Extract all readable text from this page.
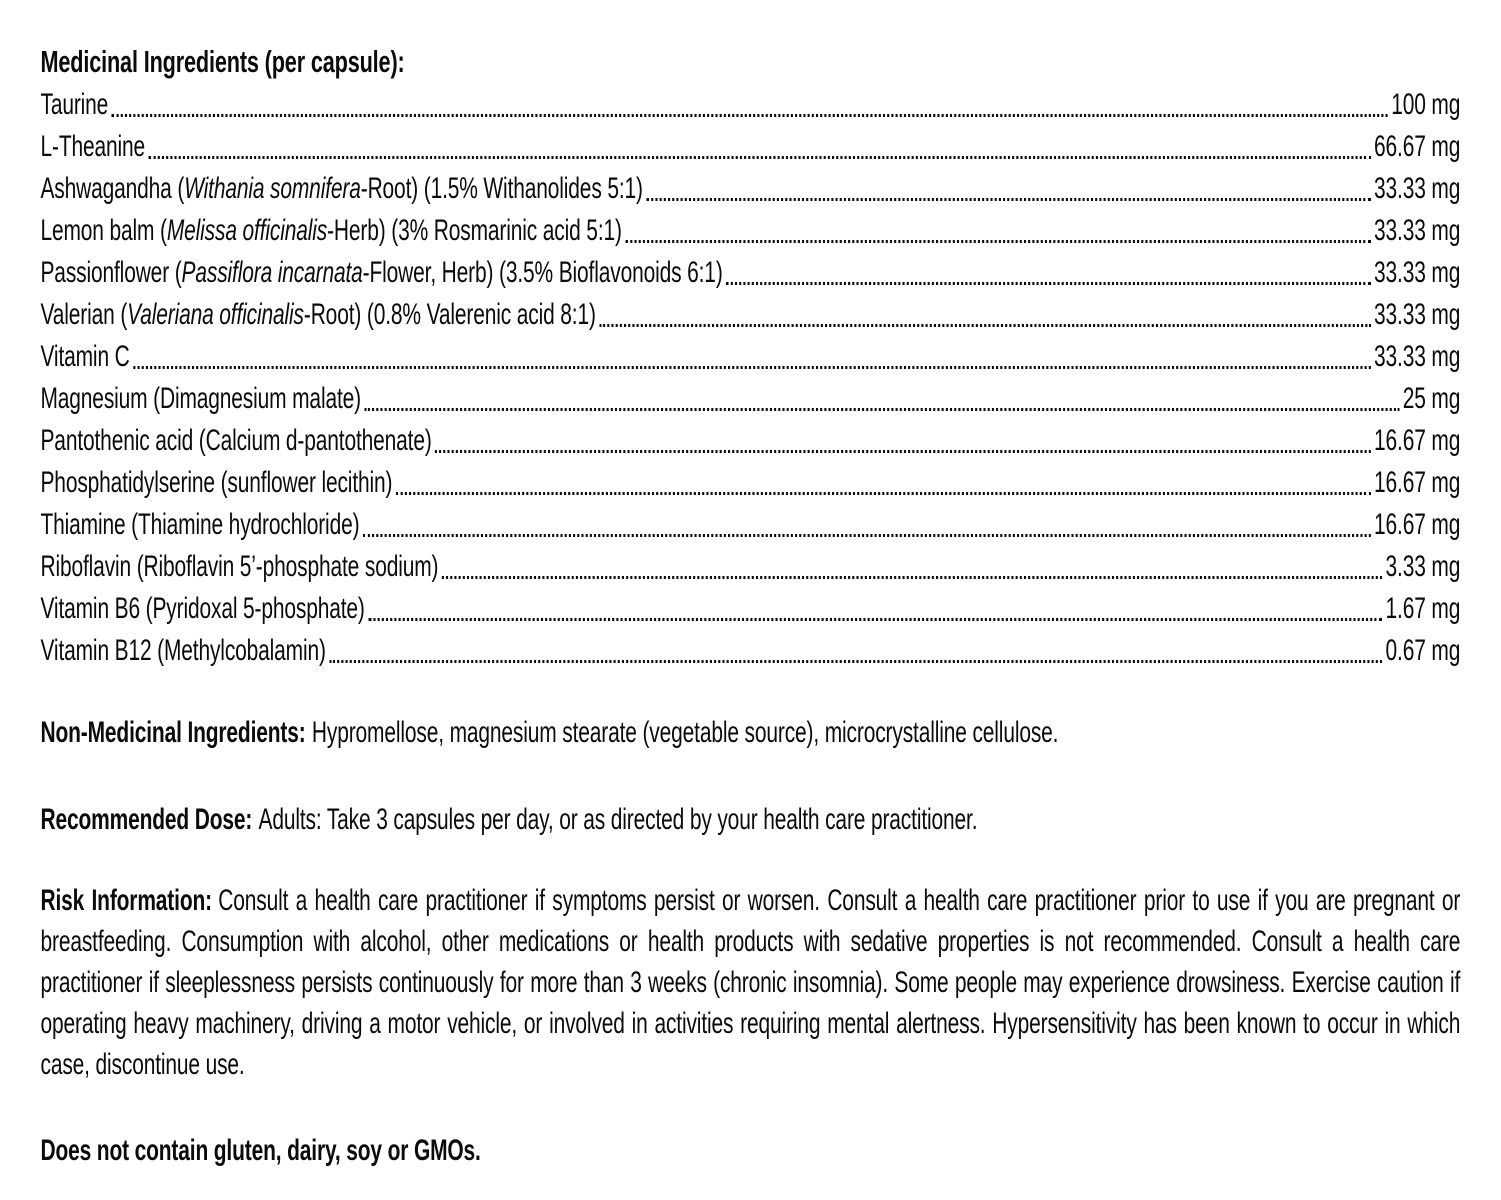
Medicinal Ingredients (per capsule):
Taurine	100 mg
L-Theanine	66.67 mg
Ashwagandha (Withania somnifera-Root) (1.5% Withanolides 5:1)	33.33 mg
Lemon balm (Melissa officinalis-Herb) (3% Rosmarinic acid 5:1)	33.33 mg
Passionflower (Passiflora incarnata-Flower, Herb) (3.5% Bioflavonoids 6:1)	33.33 mg
Valerian (Valeriana officinalis-Root) (0.8% Valerenic acid 8:1)	33.33 mg
Vitamin C	33.33 mg
Magnesium (Dimagnesium malate)	25 mg
Pantothenic acid (Calcium d-pantothenate)	16.67 mg
Phosphatidylserine (sunflower lecithin)	16.67 mg
Thiamine (Thiamine hydrochloride)	16.67 mg
Riboflavin (Riboflavin 5’-phosphate sodium)	3.33 mg
Vitamin B6 (Pyridoxal 5-phosphate)	1.67 mg
Vitamin B12 (Methylcobalamin)	0.67 mg

Non-Medicinal Ingredients: Hypromellose, magnesium stearate (vegetable source), microcrystalline cellulose.

Recommended Dose: Adults: Take 3 capsules per day, or as directed by your health care practitioner.

Risk Information: Consult a health care practitioner if symptoms persist or worsen. Consult a health care practitioner prior to use if you are pregnant or breastfeeding. Consumption with alcohol, other medications or health products with sedative properties is not recommended. Consult a health care practitioner if sleeplessness persists continuously for more than 3 weeks (chronic insomnia). Some people may experience drowsiness. Exercise caution if operating heavy machinery, driving a motor vehicle, or involved in activities requiring mental alertness. Hypersensitivity has been known to occur in which case, discontinue use.

Does not contain gluten, dairy, soy or GMOs.
